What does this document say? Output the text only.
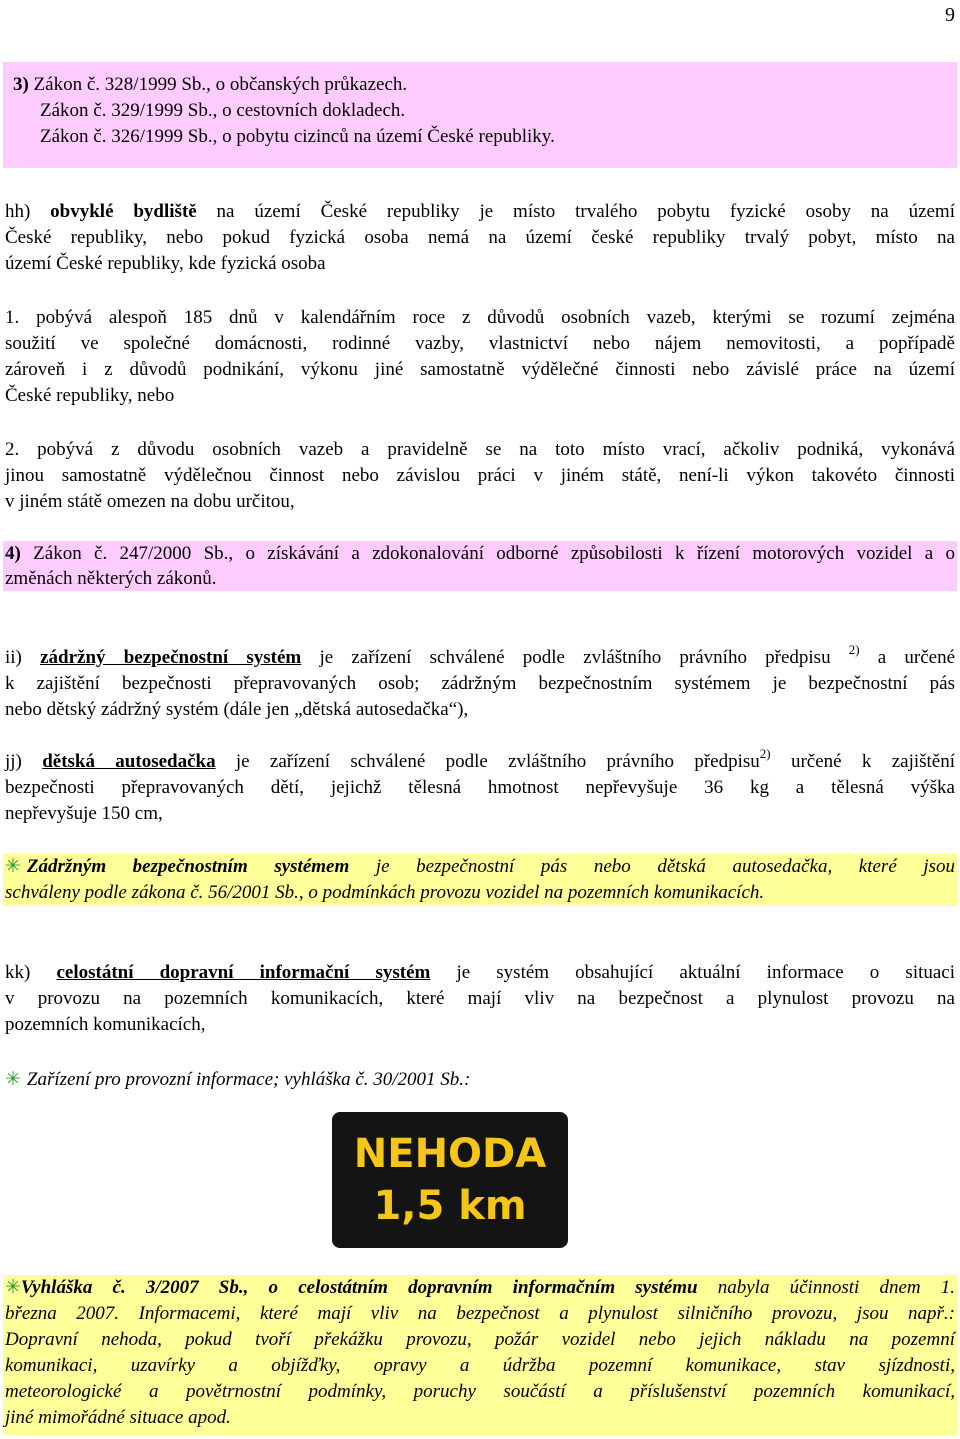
9
3) Zákon č. 328/1999 Sb., o občanských průkazech.
Zákon č. 329/1999 Sb., o cestovních dokladech.
Zákon č. 326/1999 Sb., o pobytu cizinců na území České republiky.
hh) obvyklé bydliště na území České republiky je místo trvalého pobytu fyzické osoby na území
České republiky, nebo pokud fyzická osoba nemá na území české republiky trvalý pobyt, místo na
území České republiky, kde fyzická osoba
1. pobývá alespoň 185 dnů v kalendářním roce z důvodů osobních vazeb, kterými se rozumí zejména
soužití ve společné domácnosti, rodinné vazby, vlastnictví nebo nájem nemovitosti, a popřípadě
zároveň i z důvodů podnikání, výkonu jiné samostatně výdělečné činnosti nebo závislé práce na území
České republiky, nebo
2. pobývá z důvodu osobních vazeb a pravidelně se na toto místo vrací, ačkoliv podniká, vykonává
jinou samostatně výdělečnou činnost nebo závislou práci v jiném státě, není-li výkon takovéto činnosti
v jiném státě omezen na dobu určitou,
4) Zákon č. 247/2000 Sb., o získávání a zdokonalování odborné způsobilosti k řízení motorových vozidel a o
změnách některých zákonů.
ii) zádržný bezpečnostní systém je zařízení schválené podle zvláštního právního předpisu $^{2)}$ a určené
k zajištění bezpečnosti přepravovaných osob; zádržným bezpečnostním systémem je bezpečnostní pás
nebo dětský zádržný systém (dále jen „dětská autosedačka“),
jj) dětská autosedačka je zařízení schválené podle zvláštního právního předpisu$^{2)}$ určené k zajištění
bezpečnosti přepravovaných dětí, jejichž tělesná hmotnost nepřevyšuje 36 kg a tělesná výška
nepřevyšuje 150 cm,
✳ Zádržným bezpečnostním systémem je bezpečnostní pás nebo dětská autosedačka, které jsou
schváleny podle zákona č. 56/2001 Sb., o podmínkách provozu vozidel na pozemních komunikacích.
kk) celostátní dopravní informační systém je systém obsahující aktuální informace o situaci
v provozu na pozemních komunikacích, které mají vliv na bezpečnost a plynulost provozu na
pozemních komunikacích,
✳ Zařízení pro provozní informace; vyhláška č. 30/2001 Sb.:
NEHODA
1,5 km
✳Vyhláška č. 3/2007 Sb., o celostátním dopravním informačním systému nabyla účinnosti dnem 1.
března 2007. Informacemi, které mají vliv na bezpečnost a plynulost silničního provozu, jsou např.:
Dopravní nehoda, pokud tvoří překážku provozu, požár vozidel nebo jejich nákladu na pozemní
komunikaci, uzavírky a objížďky, opravy a údržba pozemní komunikace, stav sjízdnosti,
meteorologické a povětrnostní podmínky, poruchy součástí a příslušenství pozemních komunikací,
jiné mimořádné situace apod.
